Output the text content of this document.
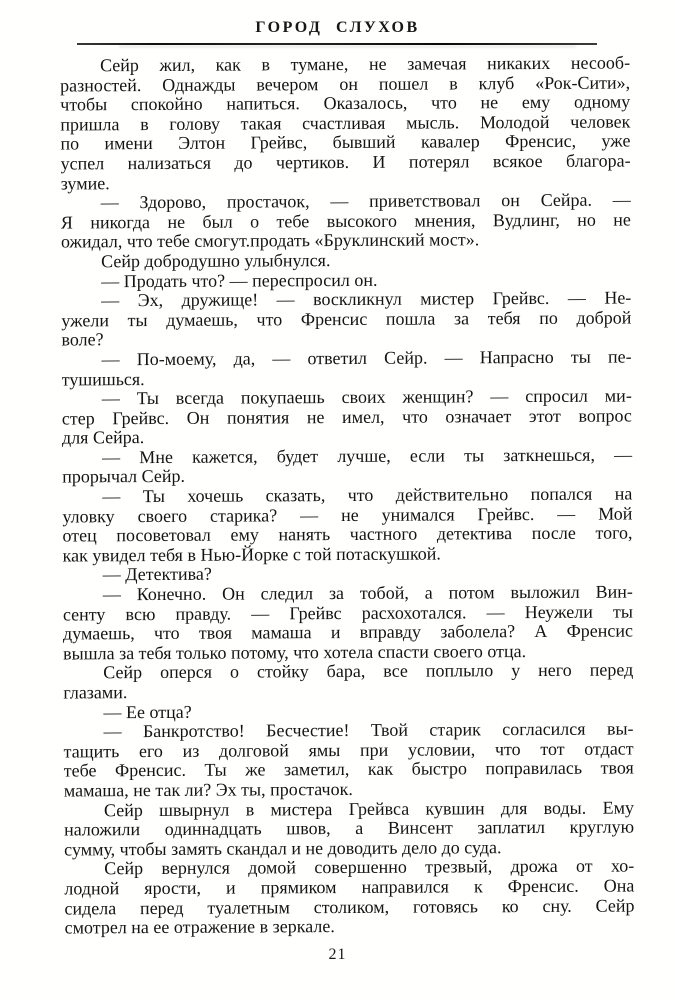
ГОРОД СЛУХОВ
Сейр жил, как в тумане, не замечая никаких несооб-
разностей. Однажды вечером он пошел в клуб «Рок-Сити»,
чтобы спокойно напиться. Оказалось, что не ему одному
пришла в голову такая счастливая мысль. Молодой человек
по имени Элтон Грейвс, бывший кавалер Френсис, уже
успел нализаться до чертиков. И потерял всякое благора-
зумие.
— Здорово, простачок, — приветствовал он Сейра. —
Я никогда не был о тебе высокого мнения, Вудлинг, но не
ожидал, что тебе смогут.продать «Бруклинский мост».
Сейр добродушно улыбнулся.
— Продать что? — переспросил он.
— Эх, дружище! — воскликнул мистер Грейвс. — Не-
ужели ты думаешь, что Френсис пошла за тебя по доброй
воле?
— По-моему, да, — ответил Сейр. — Напрасно ты пе-
тушишься.
— Ты всегда покупаешь своих женщин? — спросил ми-
стер Грейвс. Он понятия не имел, что означает этот вопрос
для Сейра.
— Мне кажется, будет лучше, если ты заткнешься, —
прорычал Сейр.
— Ты хочешь сказать, что действительно попался на
уловку своего старика? — не унимался Грейвс. — Мой
отец посоветовал ему нанять частного детектива после того,
как увидел тебя в Нью-Йорке с той потаскушкой.
— Детектива?
— Конечно. Он следил за тобой, а потом выложил Вин-
сенту всю правду. — Грейвс расхохотался. — Неужели ты
думаешь, что твоя мамаша и вправду заболела? А Френсис
вышла за тебя только потому, что хотела спасти своего отца.
Сейр оперся о стойку бара, все поплыло у него перед
глазами.
— Ее отца?
— Банкротство! Бесчестие! Твой старик согласился вы-
тащить его из долговой ямы при условии, что тот отдаст
тебе Френсис. Ты же заметил, как быстро поправилась твоя
мамаша, не так ли? Эх ты, простачок.
Сейр швырнул в мистера Грейвса кувшин для воды. Ему
наложили одиннадцать швов, а Винсент заплатил круглую
сумму, чтобы замять скандал и не доводить дело до суда.
Сейр вернулся домой совершенно трезвый, дрожа от хо-
лодной ярости, и прямиком направился к Френсис. Она
сидела перед туалетным столиком, готовясь ко сну. Сейр
смотрел на ее отражение в зеркале.
21
